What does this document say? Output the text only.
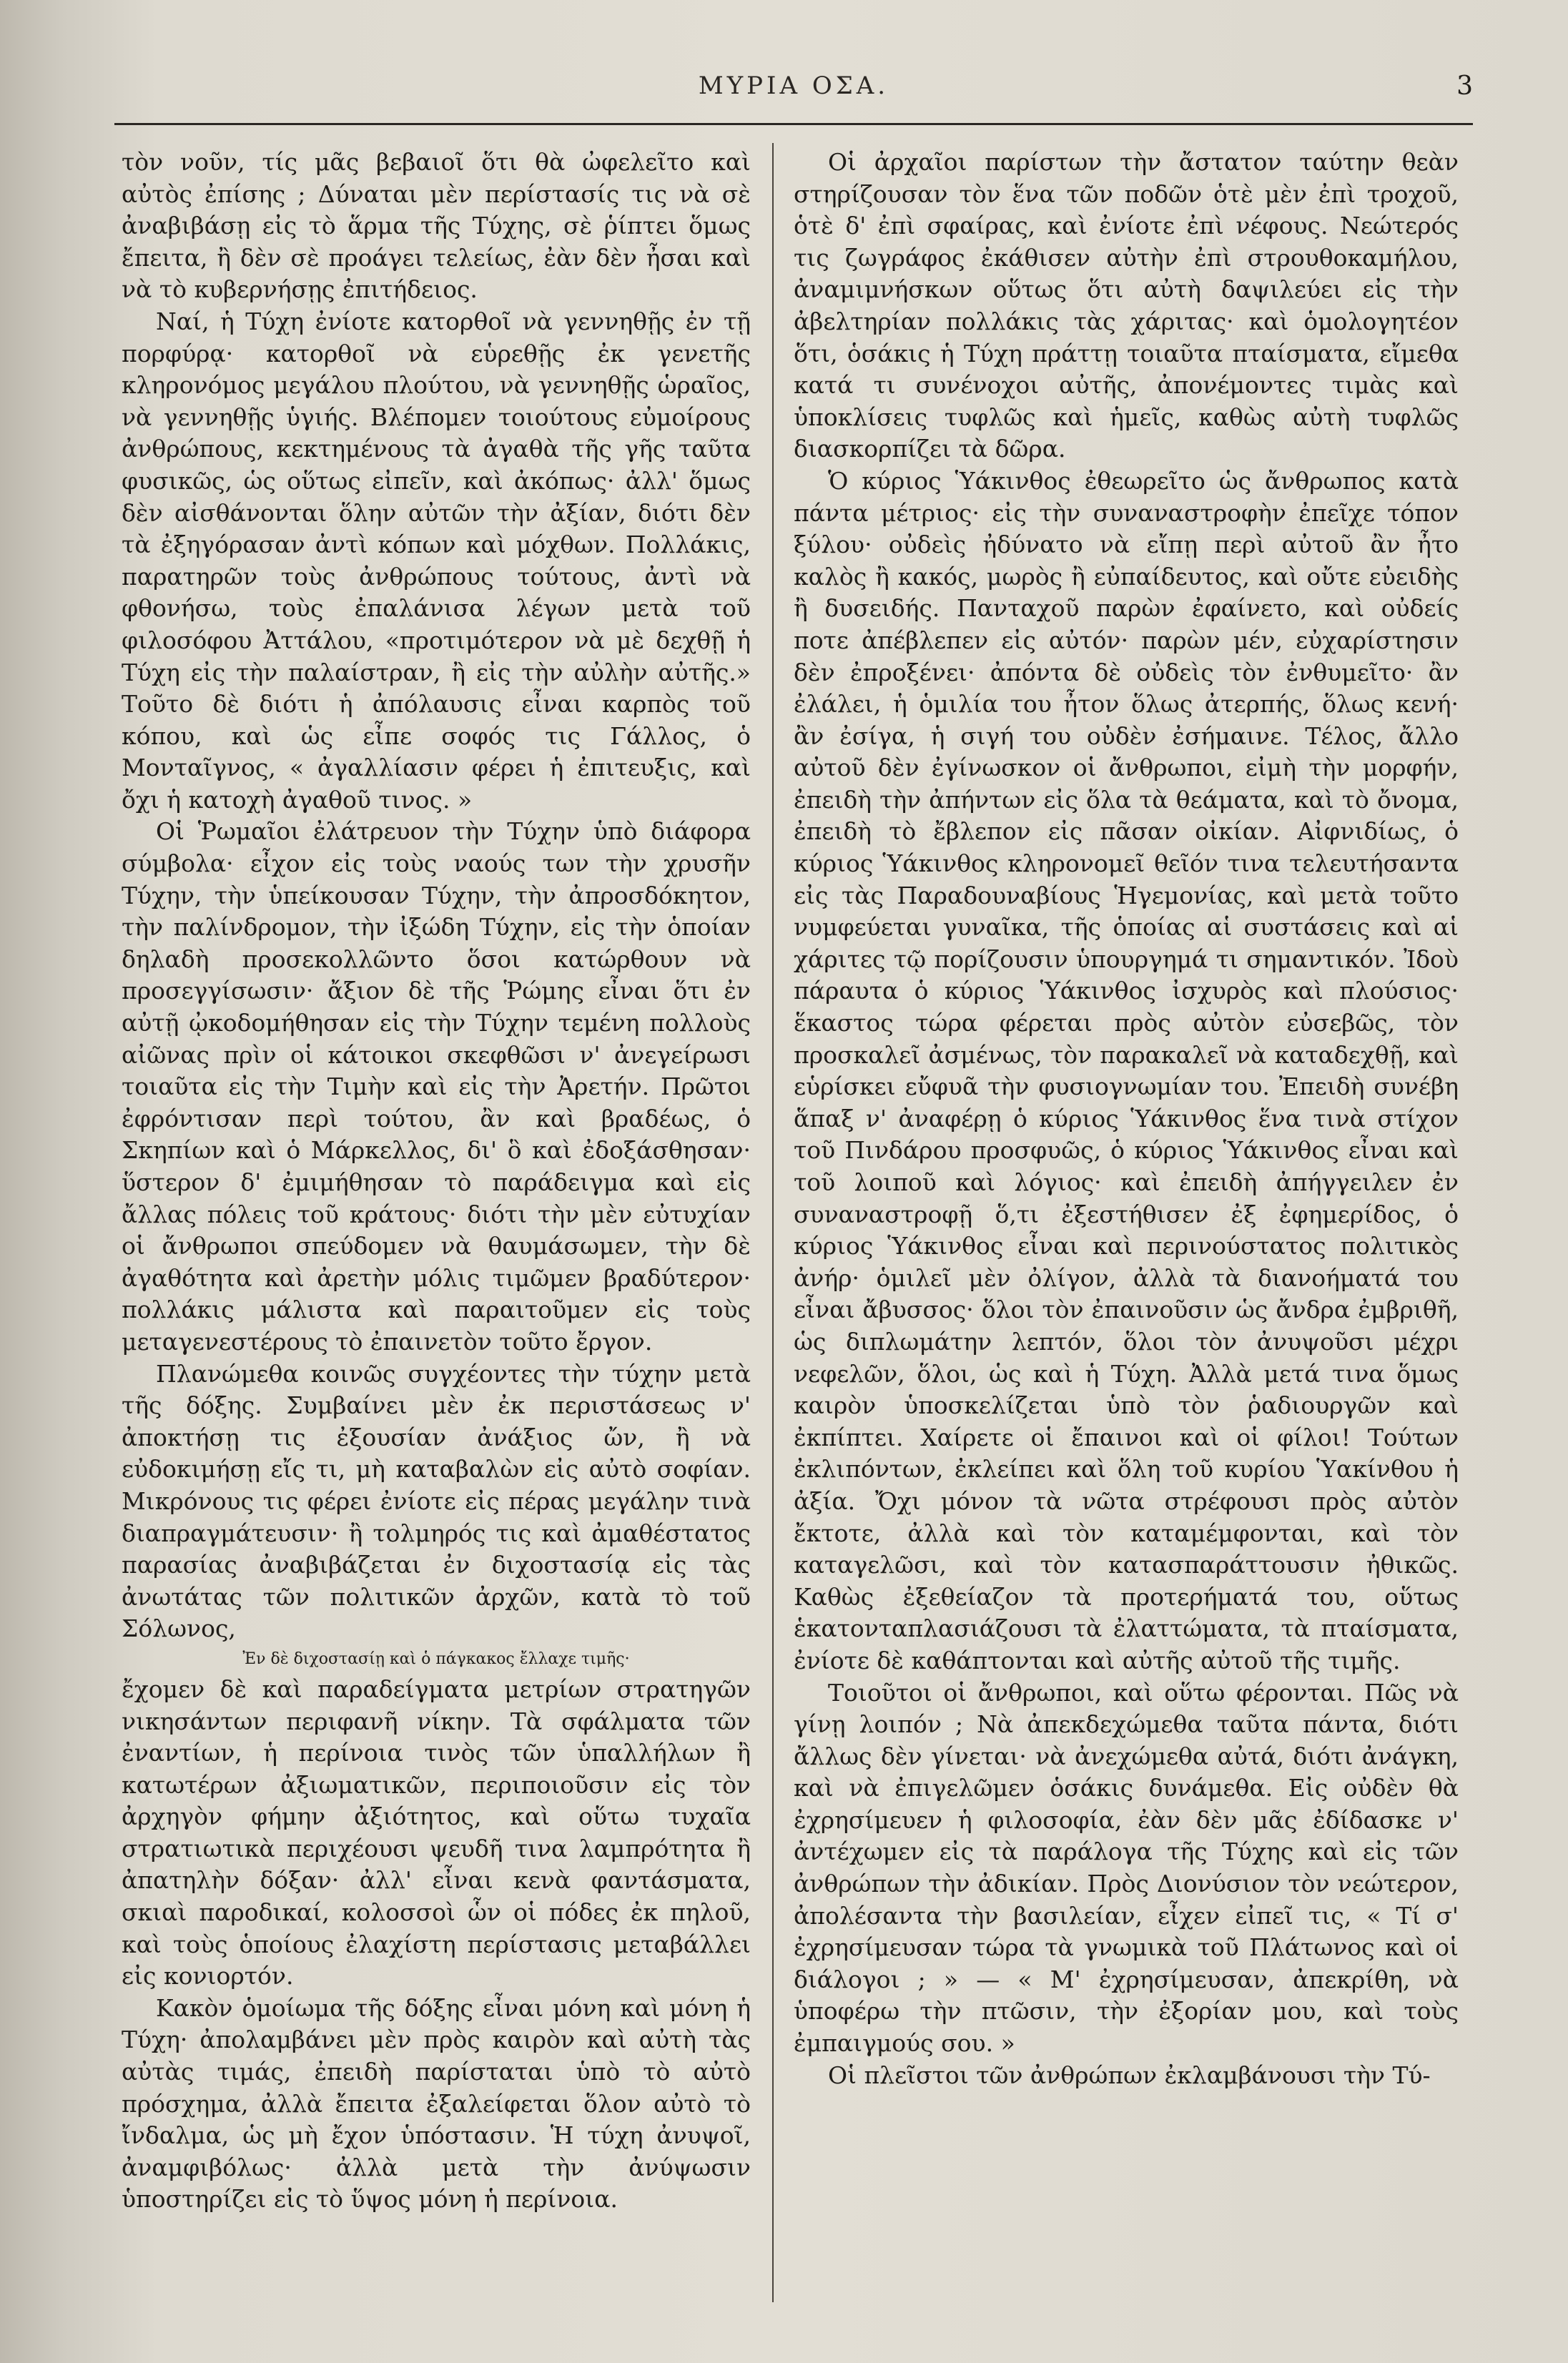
ΜΥΡΙΑ ΟΣΑ.	3

τὸν νοῦν, τίς μᾶς βεβαιοῖ ὅτι θὰ ὠφελεῖτο καὶ αὐτὸς ἐπίσης ; Δύναται μὲν περίστασίς τις νὰ σὲ ἀναβιβάσῃ εἰς τὸ ἅρμα τῆς Τύχης, σὲ ῥίπτει ὅμως ἔπειτα, ἢ δὲν σὲ προάγει τελείως, ἐὰν δὲν ἦσαι καὶ νὰ τὸ κυβερνήσῃς ἐπιτήδειος.

Ναί, ἡ Τύχη ἐνίοτε κατορθοῖ νὰ γεννηθῇς ἐν τῇ πορφύρᾳ· κατορθοῖ νὰ εὑρεθῇς ἐκ γενετῆς κληρονόμος μεγάλου πλούτου, νὰ γεννηθῇς ὡραῖος, νὰ γεννηθῇς ὑγιής. Βλέπομεν τοιούτους εὐμοίρους ἀνθρώπους, κεκτημένους τὰ ἀγαθὰ τῆς γῆς ταῦτα φυσικῶς, ὡς οὕτως εἰπεῖν, καὶ ἀκόπως· ἀλλ' ὅμως δὲν αἰσθάνονται ὅλην αὐτῶν τὴν ἀξίαν, διότι δὲν τὰ ἐξηγόρασαν ἀντὶ κόπων καὶ μόχθων. Πολλάκις, παρατηρῶν τοὺς ἀνθρώπους τούτους, ἀντὶ νὰ φθονήσω, τοὺς ἐπαλάνισα λέγων μετὰ τοῦ φιλοσόφου Ἀττάλου, «προτιμότερον νὰ μὲ δεχθῇ ἡ Τύχη εἰς τὴν παλαίστραν, ἢ εἰς τὴν αὐλὴν αὐτῆς.» Τοῦτο δὲ διότι ἡ ἀπόλαυσις εἶναι καρπὸς τοῦ κόπου, καὶ ὡς εἶπε σοφός τις Γάλλος, ὁ Μονταῖγνος, « ἀγαλλίασιν φέρει ἡ ἐπιτευξις, καὶ ὄχι ἡ κατοχὴ ἀγαθοῦ τινος. »

Οἱ Ῥωμαῖοι ἐλάτρευον τὴν Τύχην ὑπὸ διάφορα σύμβολα· εἶχον εἰς τοὺς ναούς των τὴν χρυσῆν Τύχην, τὴν ὑπείκουσαν Τύχην, τὴν ἀπροσδόκητον, τὴν παλίνδρομον, τὴν ἰξώδη Τύχην, εἰς τὴν ὁποίαν δηλαδὴ προσεκολλῶντο ὅσοι κατώρθουν νὰ προσεγγίσωσιν· ἄξιον δὲ τῆς Ῥώμης εἶναι ὅτι ἐν αὐτῇ ᾠκοδομήθησαν εἰς τὴν Τύχην τεμένη πολλοὺς αἰῶνας πρὶν οἱ κάτοικοι σκεφθῶσι ν' ἀνεγείρωσι τοιαῦτα εἰς τὴν Τιμὴν καὶ εἰς τὴν Ἀρετήν. Πρῶτοι ἐφρόντισαν περὶ τούτου, ἂν καὶ βραδέως, ὁ Σκηπίων καὶ ὁ Μάρκελλος, δι' ὃ καὶ ἐδοξάσθησαν· ὕστερον δ' ἐμιμήθησαν τὸ παράδειγμα καὶ εἰς ἄλλας πόλεις τοῦ κράτους· διότι τὴν μὲν εὐτυχίαν οἱ ἄνθρωποι σπεύδομεν νὰ θαυμάσωμεν, τὴν δὲ ἀγαθότητα καὶ ἀρετὴν μόλις τιμῶμεν βραδύτερον· πολλάκις μάλιστα καὶ παραιτοῦμεν εἰς τοὺς μεταγενεστέρους τὸ ἐπαινετὸν τοῦτο ἔργον.

Πλανώμεθα κοινῶς συγχέοντες τὴν τύχην μετὰ τῆς δόξης. Συμβαίνει μὲν ἐκ περιστάσεως ν' ἀποκτήσῃ τις ἐξουσίαν ἀνάξιος ὤν, ἢ νὰ εὐδοκιμήσῃ εἴς τι, μὴ καταβαλὼν εἰς αὐτὸ σοφίαν. Μικρόνους τις φέρει ἐνίοτε εἰς πέρας μεγάλην τινὰ διαπραγμάτευσιν· ἢ τολμηρός τις καὶ ἀμαθέστατος παρασίας ἀναβιβάζεται ἐν διχοστασίᾳ εἰς τὰς ἀνωτάτας τῶν πολιτικῶν ἀρχῶν, κατὰ τὸ τοῦ Σόλωνος,

Ἐν δὲ διχοστασίῃ καὶ ὁ πάγκακος ἔλλαχε τιμῆς·

ἔχομεν δὲ καὶ παραδείγματα μετρίων στρατηγῶν νικησάντων περιφανῆ νίκην. Τὰ σφάλματα τῶν ἐναντίων, ἡ περίνοια τινὸς τῶν ὑπαλλήλων ἢ κατωτέρων ἀξιωματικῶν, περιποιοῦσιν εἰς τὸν ἀρχηγὸν φήμην ἀξιότητος, καὶ οὕτω τυχαῖα στρατιωτικὰ περιχέουσι ψευδῆ τινα λαμπρότητα ἢ ἀπατηλὴν δόξαν· ἀλλ' εἶναι κενὰ φαντάσματα, σκιαὶ παροδικαί, κολοσσοὶ ὧν οἱ πόδες ἐκ πηλοῦ, καὶ τοὺς ὁποίους ἐλαχίστη περίστασις μεταβάλλει εἰς κονιορτόν.

Κακὸν ὁμοίωμα τῆς δόξης εἶναι μόνη καὶ μόνη ἡ Τύχη· ἀπολαμβάνει μὲν πρὸς καιρὸν καὶ αὐτὴ τὰς αὐτὰς τιμάς, ἐπειδὴ παρίσταται ὑπὸ τὸ αὐτὸ πρόσχημα, ἀλλὰ ἔπειτα ἐξαλείφεται ὅλον αὐτὸ τὸ ἴνδαλμα, ὡς μὴ ἔχον ὑπόστασιν. Ἡ τύχη ἀνυψοῖ, ἀναμφιβόλως· ἀλλὰ μετὰ τὴν ἀνύψωσιν ὑποστηρίζει εἰς τὸ ὕψος μόνη ἡ περίνοια.

Οἱ ἀρχαῖοι παρίστων τὴν ἄστατον ταύτην θεὰν στηρίζουσαν τὸν ἕνα τῶν ποδῶν ὁτὲ μὲν ἐπὶ τροχοῦ, ὁτὲ δ' ἐπὶ σφαίρας, καὶ ἐνίοτε ἐπὶ νέφους. Νεώτερός τις ζωγράφος ἐκάθισεν αὐτὴν ἐπὶ στρουθοκαμήλου, ἀναμιμνήσκων οὕτως ὅτι αὐτὴ δαψιλεύει εἰς τὴν ἀβελτηρίαν πολλάκις τὰς χάριτας· καὶ ὁμολογητέον ὅτι, ὁσάκις ἡ Τύχη πράττῃ τοιαῦτα πταίσματα, εἴμεθα κατά τι συνένοχοι αὐτῆς, ἀπονέμοντες τιμὰς καὶ ὑποκλίσεις τυφλῶς καὶ ἡμεῖς, καθὼς αὐτὴ τυφλῶς διασκορπίζει τὰ δῶρα.

Ὁ κύριος Ὑάκινθος ἐθεωρεῖτο ὡς ἄνθρωπος κατὰ πάντα μέτριος· εἰς τὴν συναναστροφὴν ἐπεῖχε τόπον ξύλου· οὐδεὶς ἠδύνατο νὰ εἴπῃ περὶ αὐτοῦ ἂν ἦτο καλὸς ἢ κακός, μωρὸς ἢ εὐπαίδευτος, καὶ οὔτε εὐειδὴς ἢ δυσειδής. Πανταχοῦ παρὼν ἐφαίνετο, καὶ οὐδείς ποτε ἀπέβλεπεν εἰς αὐτόν· παρὼν μέν, εὐχαρίστησιν δὲν ἐπροξένει· ἀπόντα δὲ οὐδεὶς τὸν ἐνθυμεῖτο· ἂν ἐλάλει, ἡ ὁμιλία του ἦτον ὅλως ἀτερπής, ὅλως κενή· ἂν ἐσίγα, ἡ σιγή του οὐδὲν ἐσήμαινε. Τέλος, ἄλλο αὐτοῦ δὲν ἐγίνωσκον οἱ ἄνθρωποι, εἰμὴ τὴν μορφήν, ἐπειδὴ τὴν ἀπήντων εἰς ὅλα τὰ θεάματα, καὶ τὸ ὄνομα, ἐπειδὴ τὸ ἔβλεπον εἰς πᾶσαν οἰκίαν. Αἰφνιδίως, ὁ κύριος Ὑάκινθος κληρονομεῖ θεῖόν τινα τελευτήσαντα εἰς τὰς Παραδουναβίους Ἡγεμονίας, καὶ μετὰ τοῦτο νυμφεύεται γυναῖκα, τῆς ὁποίας αἱ συστάσεις καὶ αἱ χάριτες τῷ πορίζουσιν ὑπουργημά τι σημαντικόν. Ἰδοὺ πάραυτα ὁ κύριος Ὑάκινθος ἰσχυρὸς καὶ πλούσιος· ἕκαστος τώρα φέρεται πρὸς αὐτὸν εὐσεβῶς, τὸν προσκαλεῖ ἀσμένως, τὸν παρακαλεῖ νὰ καταδεχθῇ, καὶ εὑρίσκει εὔφυᾶ τὴν φυσιογνωμίαν του. Ἐπειδὴ συνέβη ἅπαξ ν' ἀναφέρῃ ὁ κύριος Ὑάκινθος ἕνα τινὰ στίχον τοῦ Πινδάρου προσφυῶς, ὁ κύριος Ὑάκινθος εἶναι καὶ τοῦ λοιποῦ καὶ λόγιος· καὶ ἐπειδὴ ἀπήγγειλεν ἐν συναναστροφῇ ὅ,τι ἐξεστήθισεν ἐξ ἐφημερίδος, ὁ κύριος Ὑάκινθος εἶναι καὶ περινούστατος πολιτικὸς ἀνήρ· ὁμιλεῖ μὲν ὀλίγον, ἀλλὰ τὰ διανοήματά του εἶναι ἄβυσσος· ὅλοι τὸν ἐπαινοῦσιν ὡς ἄνδρα ἐμβριθῆ, ὡς διπλωμάτην λεπτόν, ὅλοι τὸν ἀνυψοῦσι μέχρι νεφελῶν, ὅλοι, ὡς καὶ ἡ Τύχη. Ἀλλὰ μετά τινα ὅμως καιρὸν ὑποσκελίζεται ὑπὸ τὸν ῥαδιουργῶν καὶ ἐκπίπτει. Χαίρετε οἱ ἔπαινοι καὶ οἱ φίλοι! Τούτων ἐκλιπόντων, ἐκλείπει καὶ ὅλη τοῦ κυρίου Ὑακίνθου ἡ ἀξία. Ὄχι μόνον τὰ νῶτα στρέφουσι πρὸς αὐτὸν ἔκτοτε, ἀλλὰ καὶ τὸν καταμέμφονται, καὶ τὸν καταγελῶσι, καὶ τὸν κατασπαράττουσιν ἠθικῶς. Καθὼς ἐξεθείαζον τὰ προτερήματά του, οὕτως ἑκατονταπλασιάζουσι τὰ ἐλαττώματα, τὰ πταίσματα, ἐνίοτε δὲ καθάπτονται καὶ αὐτῆς αὐτοῦ τῆς τιμῆς.

Τοιοῦτοι οἱ ἄνθρωποι, καὶ οὕτω φέρονται. Πῶς νὰ γίνῃ λοιπόν ; Νὰ ἀπεκδεχώμεθα ταῦτα πάντα, διότι ἄλλως δὲν γίνεται· νὰ ἀνεχώμεθα αὐτά, διότι ἀνάγκη, καὶ νὰ ἐπιγελῶμεν ὁσάκις δυνάμεθα. Εἰς οὐδὲν θὰ ἐχρησίμευεν ἡ φιλοσοφία, ἐὰν δὲν μᾶς ἐδίδασκε ν' ἀντέχωμεν εἰς τὰ παράλογα τῆς Τύχης καὶ εἰς τῶν ἀνθρώπων τὴν ἀδικίαν. Πρὸς Διονύσιον τὸν νεώτερον, ἀπολέσαντα τὴν βασιλείαν, εἶχεν εἰπεῖ τις, « Τί σ' ἐχρησίμευσαν τώρα τὰ γνωμικὰ τοῦ Πλάτωνος καὶ οἱ διάλογοι ; » — « Μ' ἐχρησίμευσαν, ἀπεκρίθη, νὰ ὑποφέρω τὴν πτῶσιν, τὴν ἐξορίαν μου, καὶ τοὺς ἐμπαιγμούς σου. »

Οἱ πλεῖστοι τῶν ἀνθρώπων ἐκλαμβάνουσι τὴν Τύ-
